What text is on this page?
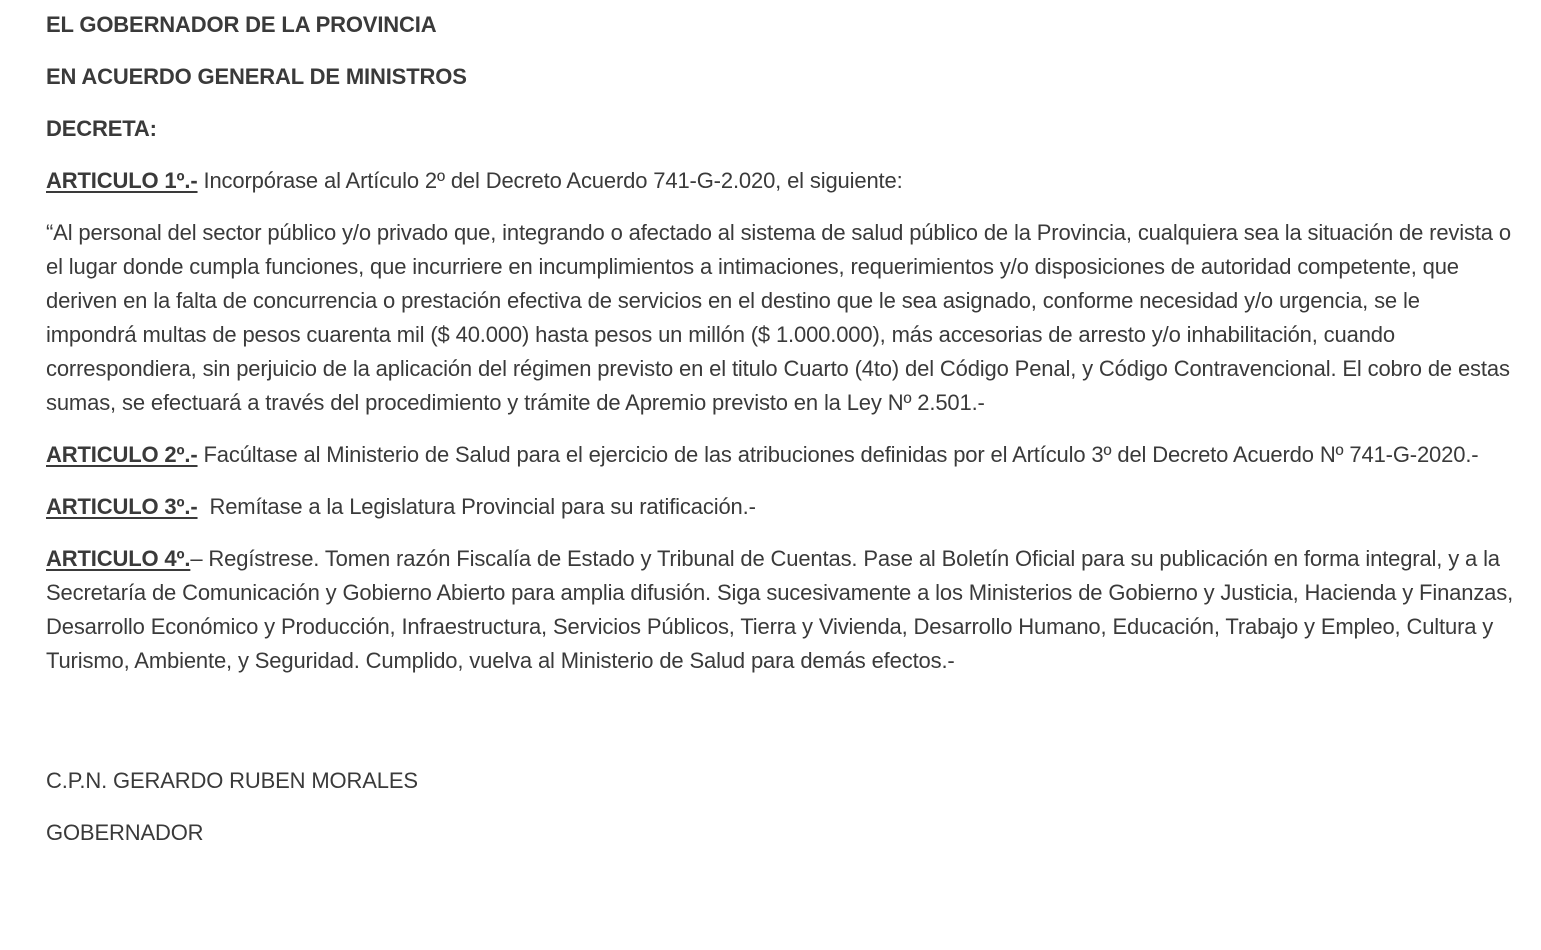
EL GOBERNADOR DE LA PROVINCIA

EN ACUERDO GENERAL DE MINISTROS

DECRETA:

ARTICULO 1º.- Incorpórase al Artículo 2º del Decreto Acuerdo 741-G-2.020, el siguiente:

“Al personal del sector público y/o privado que, integrando o afectado al sistema de salud público de la Provincia, cualquiera sea la situación de revista o el lugar donde cumpla funciones, que incurriere en incumplimientos a intimaciones, requerimientos y/o disposiciones de autoridad competente, que deriven en la falta de concurrencia o prestación efectiva de servicios en el destino que le sea asignado, conforme necesidad y/o urgencia, se le impondrá multas de pesos cuarenta mil ($ 40.000) hasta pesos un millón ($ 1.000.000), más accesorias de arresto y/o inhabilitación, cuando correspondiera, sin perjuicio de la aplicación del régimen previsto en el titulo Cuarto (4to) del Código Penal, y Código Contravencional. El cobro de estas sumas, se efectuará a través del procedimiento y trámite de Apremio previsto en la Ley Nº 2.501.-

ARTICULO 2º.- Facúltase al Ministerio de Salud para el ejercicio de las atribuciones definidas por el Artículo 3º del Decreto Acuerdo Nº 741-G-2020.-

ARTICULO 3º.-  Remítase a la Legislatura Provincial para su ratificación.-

ARTICULO 4º.– Regístrese. Tomen razón Fiscalía de Estado y Tribunal de Cuentas. Pase al Boletín Oficial para su publicación en forma integral, y a la Secretaría de Comunicación y Gobierno Abierto para amplia difusión. Siga sucesivamente a los Ministerios de Gobierno y Justicia, Hacienda y Finanzas, Desarrollo Económico y Producción, Infraestructura, Servicios Públicos, Tierra y Vivienda, Desarrollo Humano, Educación, Trabajo y Empleo, Cultura y Turismo, Ambiente, y Seguridad. Cumplido, vuelva al Ministerio de Salud para demás efectos.-

C.P.N. GERARDO RUBEN MORALES

GOBERNADOR
